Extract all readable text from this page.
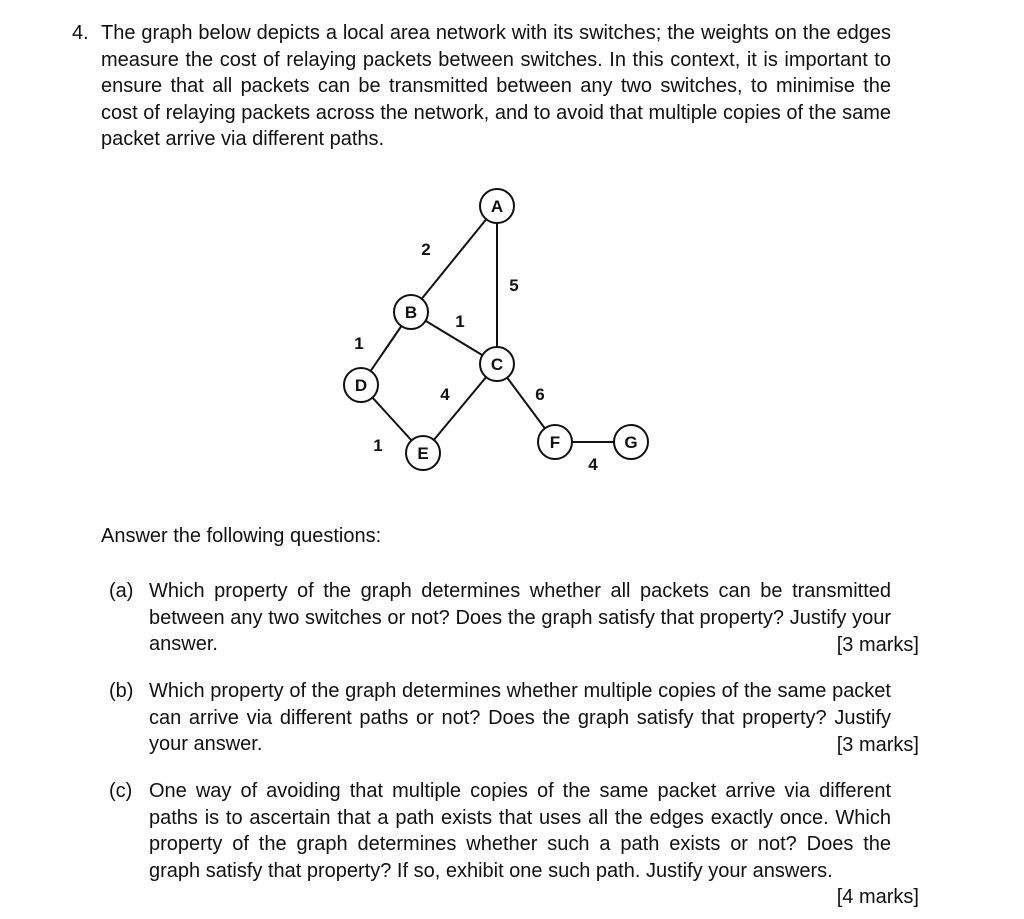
4. The graph below depicts a local area network with its switches; the weights on the edges measure the cost of relaying packets between switches. In this context, it is important to ensure that all packets can be transmitted between any two switches, to minimise the cost of relaying packets across the network, and to avoid that multiple copies of the same packet arrive via different paths.
A
B
C
D
E
F	G
2
5
1
1
4	6
1
4
Answer the following questions:
(a) Which property of the graph determines whether all packets can be transmitted between any two switches or not? Does the graph satisfy that property? Justify your answer.	[3 marks]
(b) Which property of the graph determines whether multiple copies of the same packet can arrive via different paths or not? Does the graph satisfy that property? Justify your answer.	[3 marks]
(c) One way of avoiding that multiple copies of the same packet arrive via different paths is to ascertain that a path exists that uses all the edges exactly once. Which property of the graph determines whether such a path exists or not? Does the graph satisfy that property? If so, exhibit one such path. Justify your answers.
[4 marks]
